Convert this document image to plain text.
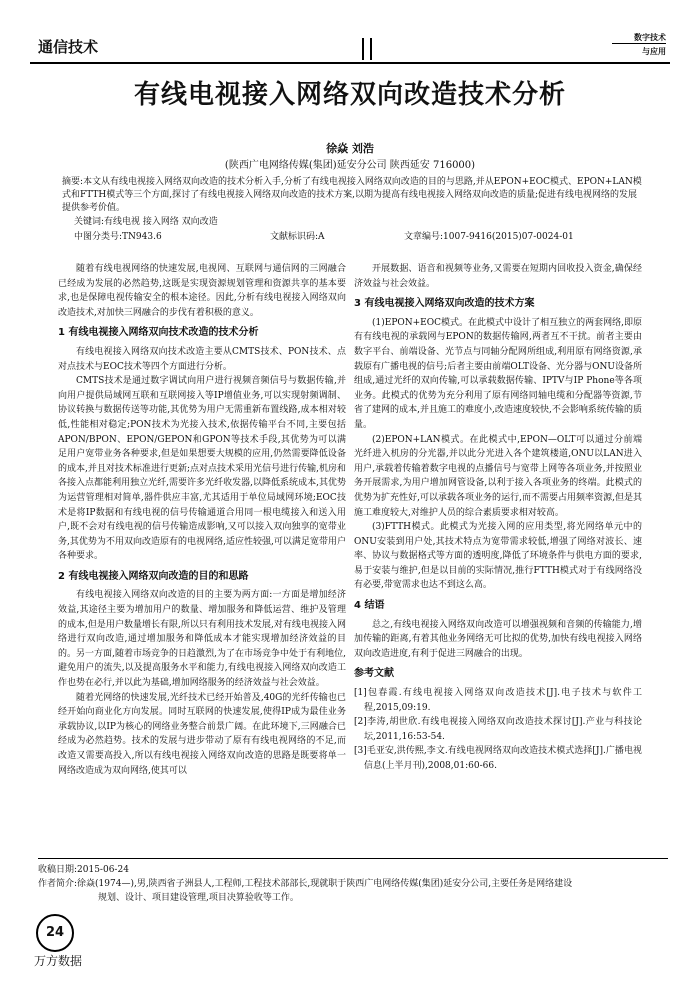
通信技术
数字技术
与应用
有线电视接入网络双向改造技术分析
徐焱 刘浩
(陕西广电网络传媒(集团)延安分公司 陕西延安 716000)
摘要:本文从有线电视接入网络双向改造的技术分析入手,分析了有线电视接入网络双向改造的目的与思路,并从EPON+EOC模式、EPON+LAN模式和FTTH模式等三个方面,探讨了有线电视接入网络双向改造的技术方案,以期为提高有线电视接入网络双向改造的质量;促进有线电视网络的发展提供参考价值。
关键词:有线电视 接入网络 双向改造
中图分类号:TN943.6	文献标识码:A	文章编号:1007-9416(2015)07-0024-01

随着有线电视网络的快速发展,电视网、互联网与通信网的三网融合已经成为发展的必然趋势,这既是实现资源规划管理和资源共享的基本要求,也是保障电视传输安全的根本途径。因此,分析有线电视接入网络双向改造技术,对加快三网融合的步伐有着积极的意义。

1 有线电视接入网络双向技术改造的技术分析

有线电视接入网络双向技术改造主要从CMTS技术、PON技术、点对点技术与EOC技术等四个方面进行分析。

CMTS技术是通过数字调试向用户进行视频音频信号与数据传输,并向用户提供局域网互联和互联网接入等IP增值业务,可以实现射频调制、协议转换与数据传送等功能,其优势为用户无需重新布置线路,成本相对较低,性能相对稳定;PON技术为光接入技术,依据传输平台不同,主要包括APON/BPON、EPON/GEPON和GPON等技术手段,其优势为可以满足用户宽带业务各种要求,但是如果想要大规模的应用,仍然需要降低设备的成本,并且对技术标准进行更新;点对点技术采用光信号进行传输,机房和各接入点都能利用独立光纤,需要许多光纤收发器,以降低系统成本,其优势为运营管理相对简单,器件供应丰富,尤其适用于单位局域网环境;EOC技术是将IP数据和有线电视的信号传输通道合用同一根电缆接入和送入用户,既不会对有线电视的信号传输造成影响,又可以接入双向独享的宽带业务,其优势为不用双向改造原有的电视网络,适应性较强,可以满足宽带用户各种要求。

2 有线电视接入网络双向改造的目的和思路

有线电视接入网络双向改造的目的主要为两方面:一方面是增加经济效益,其途径主要为增加用户的数量、增加服务和降低运营、维护及管理的成本,但是用户数量增长有限,所以只有利用技术发展,对有线电视接入网络进行双向改造,通过增加服务和降低成本才能实现增加经济效益的目的。另一方面,随着市场竞争的日趋激烈,为了在市场竞争中处于有利地位,避免用户的流失,以及提高服务水平和能力,有线电视接入网络双向改造工作也势在必行,并以此为基础,增加网络服务的经济效益与社会效益。

随着光网络的快速发展,光纤技术已经开始普及,40G的光纤传输也已经开始向商业化方向发展。同时互联网的快速发展,使得IP成为最佳业务承载协议,以IP为核心的网络业务整合前景广阔。在此环境下,三网融合已经成为必然趋势。技术的发展与进步带动了原有有线电视网络的不足,而改造又需要高投入,所以有线电视接入网络双向改造的思路是既要将单一网络改造成为双向网络,使其可以

开展数据、语音和视频等业务,又需要在短期内回收投入资金,确保经济效益与社会效益。

3 有线电视接入网络双向改造的技术方案

(1)EPON+EOC模式。在此模式中设计了相互独立的两套网络,即原有有线电视的承载网与EPON的数据传输网,两者互不干扰。前者主要由数字平台、前端设备、光节点与同轴分配网所组成,利用原有网络资源,承载原有广播电视的信号;后者主要由前端OLT设备、光分器与ONU设备所组成,通过光纤的双向传输,可以承载数据传输、IPTV与IP Phone等各项业务。此模式的优势为充分利用了原有网络同轴电缆和分配器等资源,节省了建网的成本,并且施工的难度小,改造速度较快,不会影响系统传输的质量。

(2)EPON+LAN模式。在此模式中,EPON—OLT可以通过分前端光纤进入机房的分光器,并以此分光进入各个建筑楼道,ONU以LAN进入用户,承载着传输着数字电视的点播信号与宽带上网等各项业务,并按照业务开展需求,为用户增加网管设备,以利于接入各项业务的终端。此模式的优势为扩充性好,可以承载各项业务的运行,而不需要占用频率资源,但是其施工难度较大,对维护人员的综合素质要求相对较高。

(3)FTTH模式。此模式为光接入网的应用类型,将光网络单元中的ONU安装到用户处,其技术特点为宽带需求较低,增强了网络对波长、速率、协议与数据格式等方面的透明度,降低了环境条件与供电方面的要求,易于安装与维护,但是以目前的实际情况,推行FTTH模式对于有线网络没有必要,带宽需求也达不到这么高。

4 结语

总之,有线电视接入网络双向改造可以增强视频和音频的传输能力,增加传输的距离,有着其他业务网络无可比拟的优势,加快有线电视接入网络双向改造进度,有利于促进三网融合的出现。

参考文献

[1]包春霞.有线电视接入网络双向改造技术[J].电子技术与软件工程,2015,09:19.

[2]李涛,胡世欣.有线电视接入网络双向改造技术探讨[J].产业与科技论坛,2011,16:53-54.

[3]毛亚安,洪传熙,李文.有线电视网络双向改造技术模式选择[J].广播电视信息(上半月刊),2008,01:60-66.

收稿日期:2015-06-24
作者简介:徐焱(1974—),男,陕西省子洲县人,工程师,工程技术部部长,现就职于陕西广电网络传媒(集团)延安分公司,主要任务是网络建设
规划、设计、项目建设管理,项目决算验收等工作。
24
万方数据
